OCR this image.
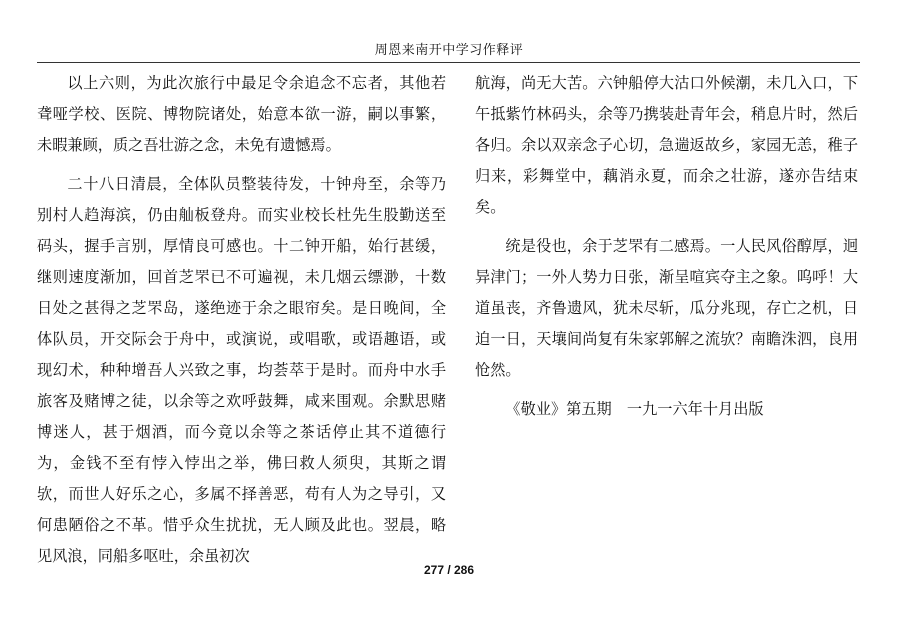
周恩来南开中学习作释评

以上六则，为此次旅行中最足令余追念不忘者，其他若聋哑学校、医院、博物院诸处，始意本欲一游，嗣以事繁，未暇兼顾，质之吾壮游之念，未免有遗憾焉。

二十八日清晨，全体队员整装待发，十钟舟至，余等乃别村人趋海滨，仍由舢板登舟。而实业校长杜先生股勤送至码头，握手言别，厚情良可感也。十二钟开船，始行甚缓，继则速度渐加，回首芝罘已不可遍视，未几烟云缥渺，十数日处之甚得之芝罘岛，遂绝迹于余之眼帘矣。是日晚间，全体队员，开交际会于舟中，或演说，或唱歌，或语趣语，或现幻术，种种增吾人兴致之事，均荟萃于是时。而舟中水手旅客及赌博之徒，以余等之欢呼鼓舞，咸来围观。余默思赌博迷人，甚于烟酒，而今竟以余等之茶话停止其不道德行为，金钱不至有悖入悖出之举，佛曰救人须臾，其斯之谓欤，而世人好乐之心，多属不择善恶，苟有人为之导引，又何患陋俗之不革。惜乎众生扰扰，无人顾及此也。翌晨，略见风浪，同船多呕吐，余虽初次

航海，尚无大苦。六钟船停大沽口外候潮，未几入口，下午抵紫竹林码头，余等乃携装赴青年会，稍息片时，然后各归。余以双亲念子心切，急遄返故乡，家园无恙，稚子归来，彩舞堂中，藕消永夏，而余之壮游，遂亦告结束矣。

统是役也，余于芝罘有二感焉。一人民风俗醇厚，迥异津门；一外人势力日张，渐呈喧宾夺主之象。呜呼！大道虽丧，齐鲁遗风，犹未尽斩，瓜分兆现，存亡之机，日迫一日，天壤间尚复有朱家郭解之流欤？南瞻洙泗，良用怆然。

《敬业》第五期　一九一六年十月出版

277 / 286
